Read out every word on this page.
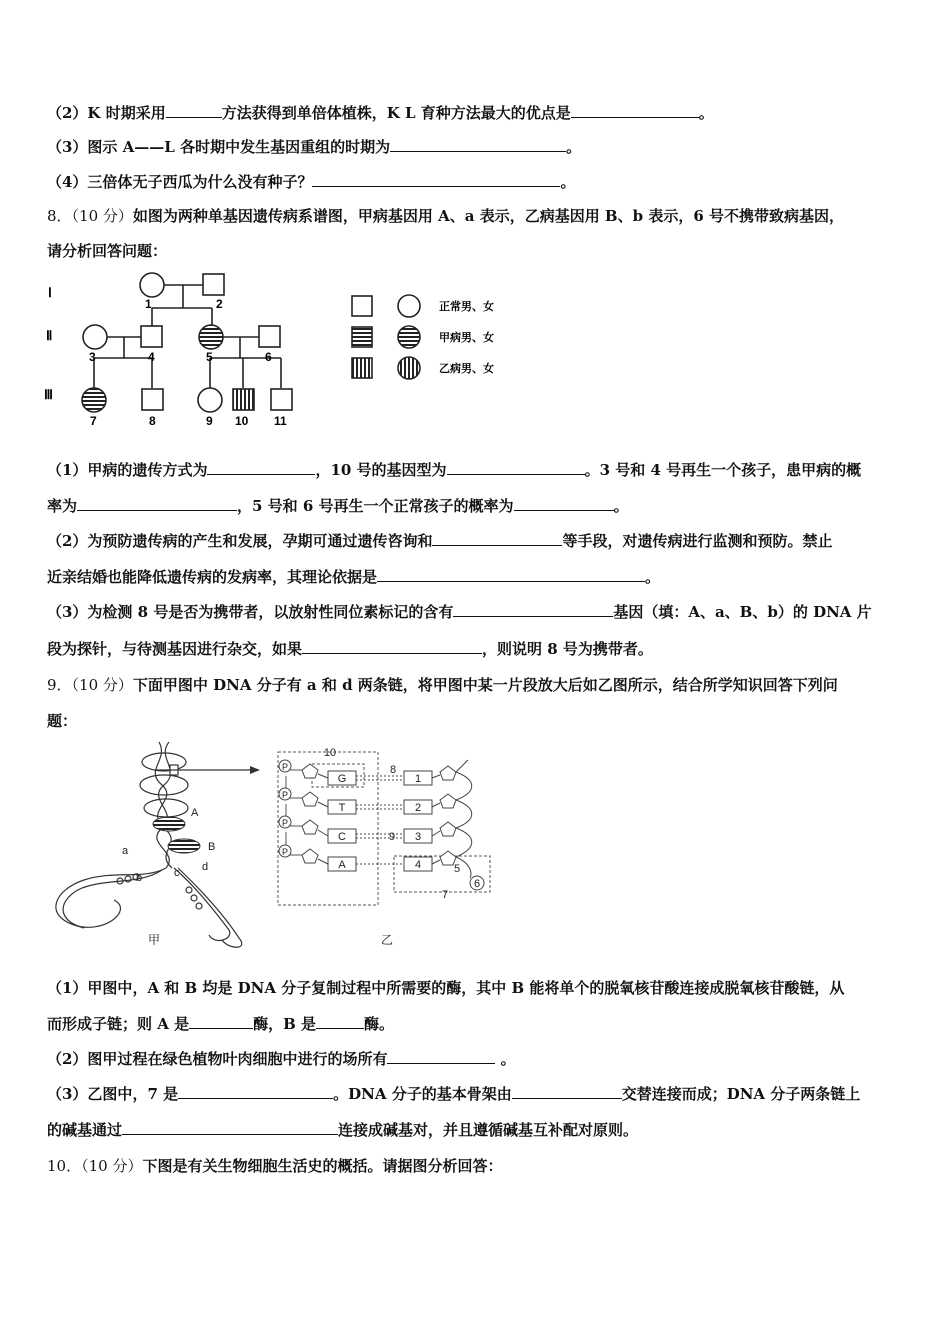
（2）K 时期采用	方法获得到单倍体植株，K L 育种方法最大的优点是	。
（3）图示 A——L 各时期中发生基因重组的时期为	。
（4）三倍体无子西瓜为什么没有种子？	。
8．（10 分）如图为两种单基因遗传病系谱图，甲病基因用 A、a 表示，乙病基因用 B、b 表示，6 号不携带致病基因，
请分析回答问题：
Ⅰ
Ⅱ
Ⅲ
1	2
3	4	5	6
7	8	9 10 11
正常男、女
甲病男、女
乙病男、女
（1）甲病的遗传方式为	，10 号的基因型为	。3 号和 4 号再生一个孩子，患甲病的概
率为	，5 号和 6 号再生一个正常孩子的概率为	。
（2）为预防遗传病的产生和发展，孕期可通过遗传咨询和	等手段，对遗传病进行监测和预防。禁止
近亲结婚也能降低遗传病的发病率，其理论依据是	。
（3）为检测 8 号是否为携带者，以放射性同位素标记的含有	基因（填：A、a、B、b）的 DNA 片
段为探针，与待测基因进行杂交，如果	，则说明 8 号为携带者。
9．（10 分）下面甲图中 DNA 分子有 a 和 d 两条链，将甲图中某一片段放大后如乙图所示，结合所学知识回答下列问
题：
A
B
a
b	c d
甲
G
T
C
A
1
2
3
4
P
P
P
P
10
8
9
5
6
7
乙
（1）甲图中，A 和 B 均是 DNA 分子复制过程中所需要的酶，其中 B 能将单个的脱氧核苷酸连接成脱氧核苷酸链，从
而形成子链；则 A 是	酶，B 是	酶。
（2）图甲过程在绿色植物叶肉细胞中进行的场所有	。
（3）乙图中，7 是	。DNA 分子的基本骨架由	交替连接而成；DNA 分子两条链上
的碱基通过	连接成碱基对，并且遵循碱基互补配对原则。
10．（10 分）下图是有关生物细胞生活史的概括。请据图分析回答：
